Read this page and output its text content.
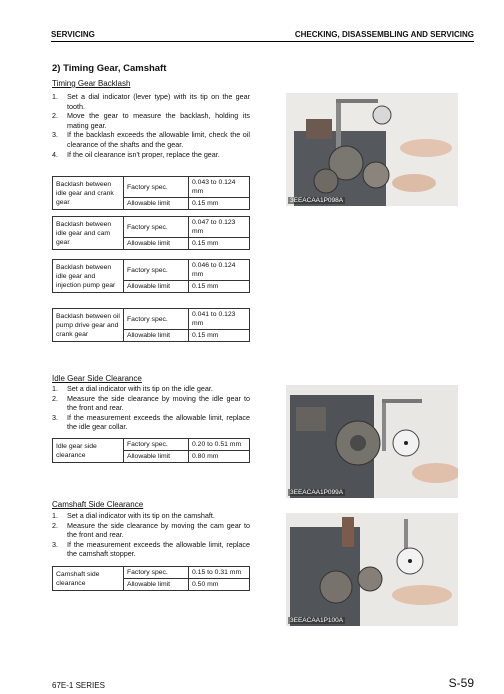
SERVICING	CHECKING, DISASSEMBLING AND SERVICING
2) Timing Gear, Camshaft
Timing Gear Backlash
1.	Set a dial indicator (lever type) with its tip on the gear tooth.
2.	Move the gear to measure the backlash, holding its mating gear.
3.	If the backlash exceeds the allowable limit, check the oil clearance of the shafts and the gear.
4.	If the oil clearance isn't proper, replace the gear.
Backlash between idle gear and crank gear	Factory spec.	0.043 to 0.124 mm
	Allowable limit	0.15 mm
Backlash between idle gear and cam gear	Factory spec.	0.047 to 0.123 mm
	Allowable limit	0.15 mm
Backlash between idle gear and injection pump gear	Factory spec.	0.046 to 0.124 mm
	Allowable limit	0.15 mm
Backlash between oil pump drive gear and crank gear	Factory spec.	0.041 to 0.123 mm
	Allowable limit	0.15 mm
3EEACAA1P098A
Idle Gear Side Clearance
1.	Set a dial indicator with its tip on the idle gear.
2.	Measure the side clearance by moving the idle gear to the front and rear.
3.	If the measurement exceeds the allowable limit, replace the idle gear collar.
Idle gear side clearance	Factory spec.	0.20 to 0.51 mm
	Allowable limit	0.80 mm
3EEACAA1P099A
Camshaft Side Clearance
1.	Set a dial indicator with its tip on the camshaft.
2.	Measure the side clearance by moving the cam gear to the front and rear.
3.	If the measurement exceeds the allowable limit, replace the camshaft stopper.
Camshaft side clearance	Factory spec.	0.15 to 0.31 mm
	Allowable limit	0.50 mm
3EEACAA1P100A
67E-1 SERIES	S-59
